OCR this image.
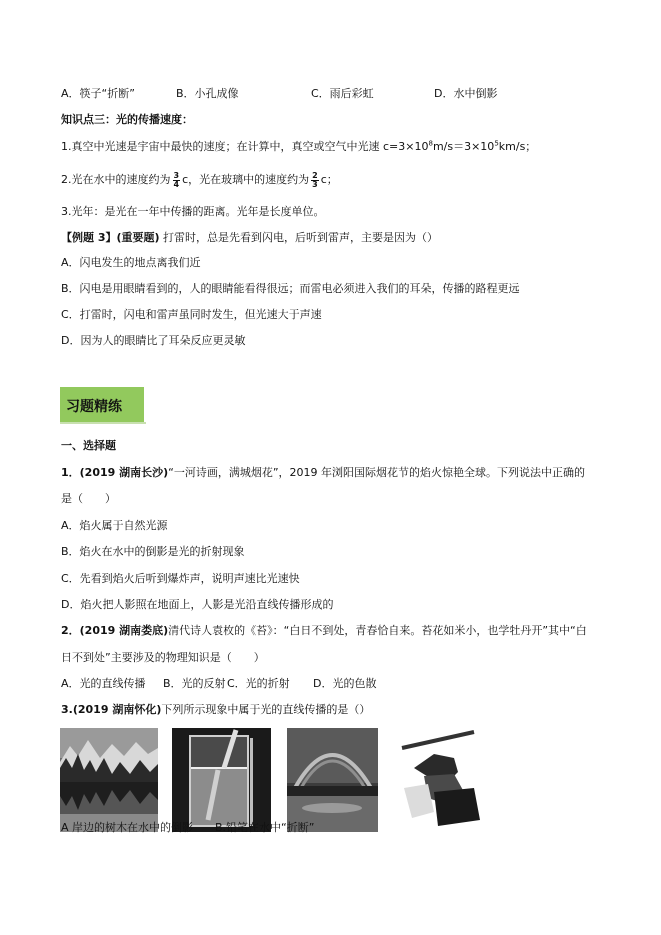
A．筷子“折断”	B．小孔成像	C．雨后彩虹	D．水中倒影
知识点三：光的传播速度：
1.真空中光速是宇宙中最快的速度；在计算中，真空或空气中光速 $c=3\times 10^8m/s=3\times 10^5km/s$；
2.光在水中的速度约为 $\frac{3}{4}$ c，光在玻璃中的速度约为 $\frac{2}{3}$ c；
3.光年：是光在一年中传播的距离。光年是长度单位。
【例题 3】(重要题) 打雷时，总是先看到闪电，后听到雷声，主要是因为（）
A．闪电发生的地点离我们近
B．闪电是用眼睛看到的，人的眼睛能看得很远；而雷电必须进入我们的耳朵，传播的路程更远
C．打雷时，闪电和雷声虽同时发生，但光速大于声速
D．因为人的眼睛比了耳朵反应更灵敏
习题精练
一、选择题
1．(2019 湖南长沙)“一河诗画，满城烟花”，2019 年浏阳国际烟花节的焰火惊艳全球。下列说法中正确的
是（　　）
A．焰火属于自然光源
B．焰火在水中的倒影是光的折射现象
C．先看到焰火后听到爆炸声，说明声速比光速快
D．焰火把人影照在地面上，人影是光沿直线传播形成的
2．(2019 湖南娄底)清代诗人袁枚的《苔》：“白日不到处，青春恰自来。苔花如米小，也学牡丹开”其中“白
日不到处”主要涉及的物理知识是（　　）
A．光的直线传播 B．光的反射 C．光的折射 D．光的色散
3.(2019 湖南怀化)下列所示现象中属于光的直线传播的是（）
A 岸边的树木在水中的倒影 B.铅笔在水中“折断”
